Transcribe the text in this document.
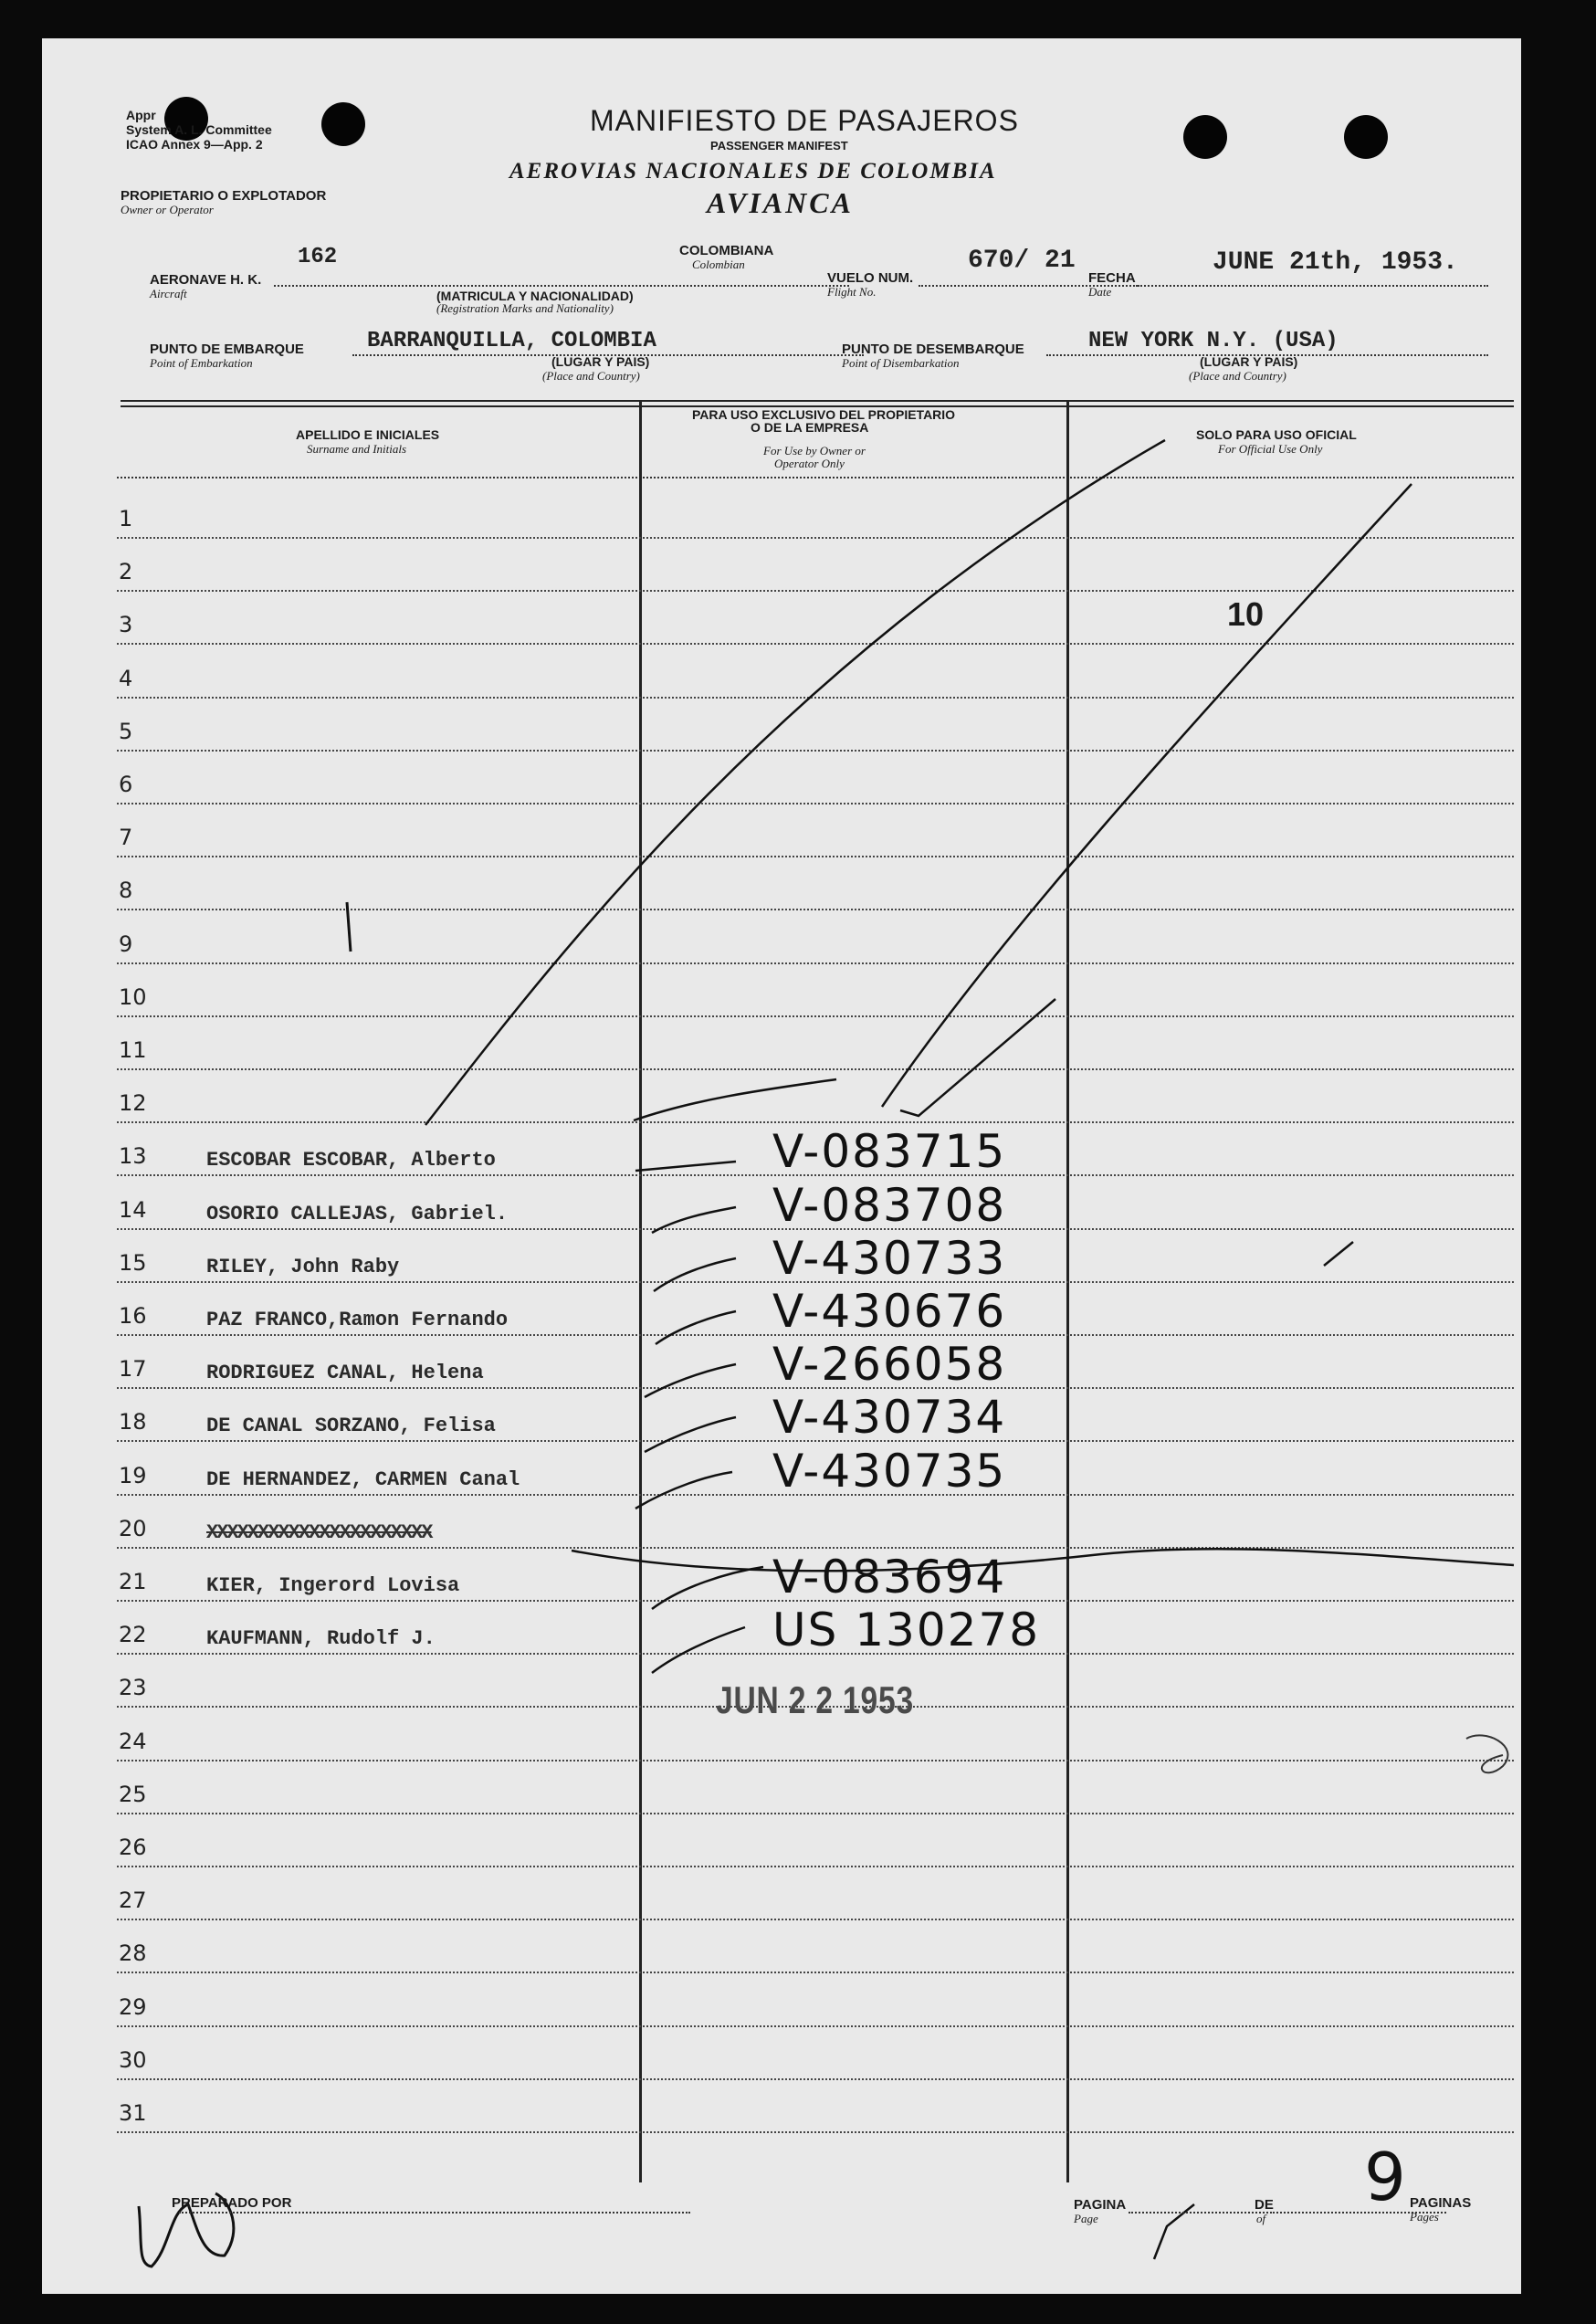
Appr
System A. L. Committee
ICAO Annex 9—App. 2
MANIFIESTO DE PASAJEROS
PASSENGER MANIFEST
AEROVIAS NACIONALES DE COLOMBIA
AVIANCA
PROPIETARIO O EXPLOTADOR
Owner or Operator
AERONAVE H. K.
Aircraft
162	COLOMBIANA
Colombian
(MATRICULA Y NACIONALIDAD)
(Registration Marks and Nationality)
VUELO NUM.
Flight No.
670/ 21
FECHA
Date
JUNE 21th, 1953.
PUNTO DE EMBARQUE
Point of Embarkation
BARRANQUILLA, COLOMBIA
(LUGAR Y PAIS)
(Place and Country)
PUNTO DE DESEMBARQUE
Point of Disembarkation
NEW YORK N.Y. (USA)
(LUGAR Y PAIS)
(Place and Country)
APELLIDO E INICIALES
Surname and Initials
PARA USO EXCLUSIVO DEL PROPIETARIO
O DE LA EMPRESA
For Use by Owner or
Operator Only
SOLO PARA USO OFICIAL
For Official Use Only
1
2
3
4
5
6
7
8
9
10
11
12
13	ESCOBAR ESCOBAR, Alberto	V-083715
14	OSORIO CALLEJAS, Gabriel.	V-083708
15	RILEY, John Raby	V-430733
16	PAZ FRANCO,Ramon Fernando	V-430676
17	RODRIGUEZ CANAL, Helena	V-266058
18	DE CANAL SORZANO, Felisa	V-430734
19	DE HERNANDEZ, CARMEN Canal	V-430735
20	XXXXXXXXXXXXXXXXXXXXXX
21	KIER, Ingerord Lovisa	V-083694
22	KAUFMANN, Rudolf J.	US 130278
23
24
25
26
27
28
29
30
31
10
JUN 2 2 1953
PREPARADO POR	PAGINA
Page
DE
of
9 PAGINAS
Pages
